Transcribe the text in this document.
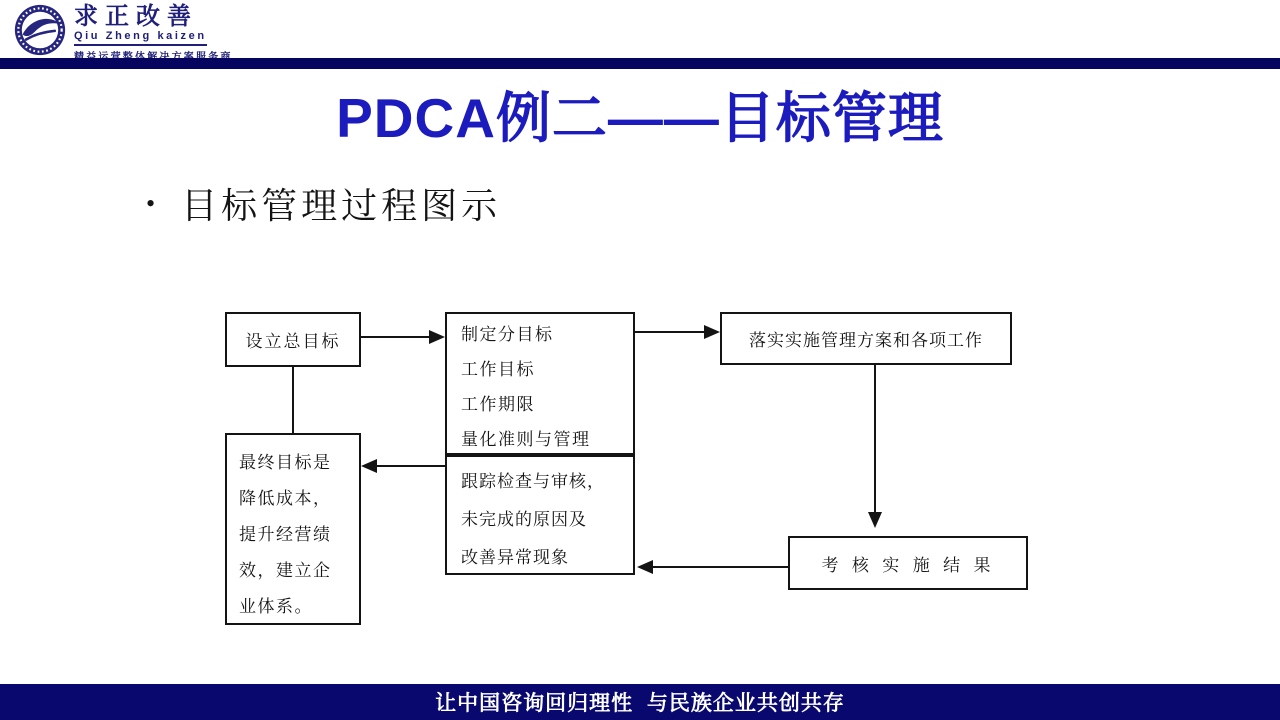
求正改善
Qiu Zheng kaizen
PDCA例二——目标管理
• 目标管理过程图示
设立总目标	制定分目标
工作目标
工作期限
量化准则与管理
跟踪检查与审核，
未完成的原因及
改善异常现象
落实实施管理方案和各项工作
最终目标是
降低成本，
提升经营绩
效，建立企
业体系。
考 核 实 施 结 果
让中国咨询回归理性  与民族企业共创共存
